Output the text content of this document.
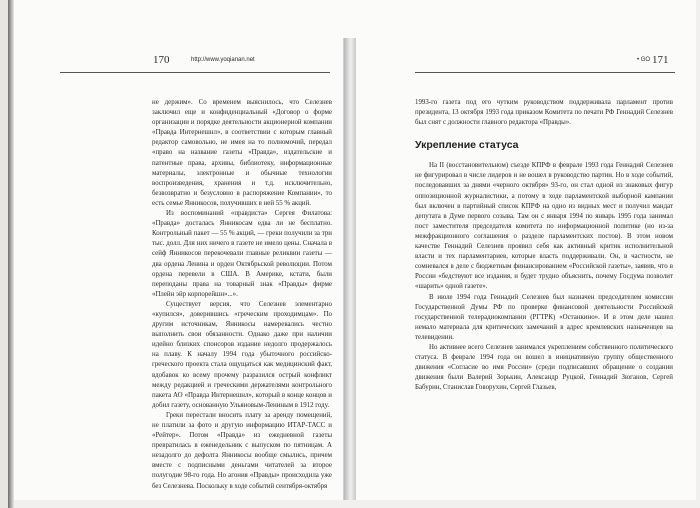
170	http://www.yoqianan.net	• GO 171

не держим». Со временем выяснилось, что Селезнев заключил еще и конфиденциальный «Договор о форме организации и порядке деятельности акционерной компании «Правда Интернешнл», в соответствии с которым главный редактор самовольно, не имея на то полномочий, передал «право на название газеты «Правда», издательские и патентные права, архивы, библиотеку, информационные материалы, электронные и обычные технологии воспроизведения, хранения и т.д. исключительно, безвозвратно и безусловно в распоряжение Компании», то есть семье Янникосов, получивших в ней 55 % акций.

Из воспоминаний «правдиста» Сергея Филатова: «Правда» досталась Янникосам едва ли не бесплатно. Контрольный пакет — 55 % акций, — греки получили за три тыс. долл. Для них ничего в газете не имело цены. Сначала в сейф Янникосов перекочевали главные реликвии газеты — два ордена Ленина и орден Октябрьской революции. Потом ордена перевели в США. В Америке, кстати, были переподаны права на товарный знак «Правды» фирме «Плейн эйр корпорейшн»...».

Существует версия, что Селезнев элементарно «купился», доверившись «греческим проходимцам». По другим источникам, Янникосы намеревались честно выполнить свои обязанности. Однако даже при наличии идейно близких спонсоров издание недолго продержалось на плаву. К началу 1994 года убыточного российско-греческого проекта стала ощущаться как медицинский факт, вдобавок ко всему прочему разразился острый конфликт между редакцией и греческими держателями контрольного пакета АО «Правда Интернешнл», который в конце концов и добил газету, основанную Ульяновым-Лениным в 1912 году.

Греки перестали вносить плату за аренду помещений, не платили за фото и другую информацию ИТАР-ТАСС и «Рейтер». Потом «Правда» из ежедневной газеты превратилась в еженедельник с выпуском по пятницам. А незадолго до дефолта Янникосы вообще смылись, причем вместе с подписными деньгами читателей за второе полугодие 98-го года. Но агония «Правды» происходила уже без Селезнева. Поскольку в ходе событий сентября-октября

1993-го газета под его чутким руководством поддерживала парламент против президента, 13 октября 1993 года приказом Комитета по печати РФ Геннадий Селезнев был снят с должности главного редактора «Правды».

Укрепление статуса

На II (восстановительном) съезде КПРФ в феврале 1993 года Геннадий Селезнев не фигурировал в числе лидеров и не вошел в руководство партии. Но в ходе событий, последовавших за днями «черного октября» 93-го, он стал одной из знаковых фигур оппозиционной журналистики, а потому в ходе парламентской выборной кампании был включен в партийный список КПРФ на одно из видных мест и получил мандат депутата в Думе первого созыва. Там он с января 1994 по январь 1995 года занимал пост заместителя председателя комитета по информационной политике (но из-за межфракционного соглашения о разделе парламентских постов). В этом новом качестве Геннадий Селезнев проявил себя как активный критик исполнительной власти и тех парламентариев, которые власть поддерживали. Он, в частности, не сомневался в деле с бюджетным финансированием «Российской газеты», заявив, что в России «бедствуют все издания, и будет трудно объяснить, почему Госдума позволит «шарить» одной газете».

В июле 1994 года Геннадий Селезнев был назначен председателем комиссии Государственной Думы РФ по проверке финансовой деятельности Российской государственной телерадиокомпании (РГТРК) «Останкино». И в этом деле нашел немало материала для критических замечаний в адрес кремлевских назначенцев на телевидении.

Но активнее всего Селезнев занимался укреплением собственного политического статуса. В феврале 1994 года он вошел в инициативную группу общественного движения «Согласие во имя России» (среди подписавших обращение о создании движения были Валерий Зорькин, Александр Руцкой, Геннадий Зюганов, Сергей Бабурин, Станислав Говорухин, Сергей Глазьев,
